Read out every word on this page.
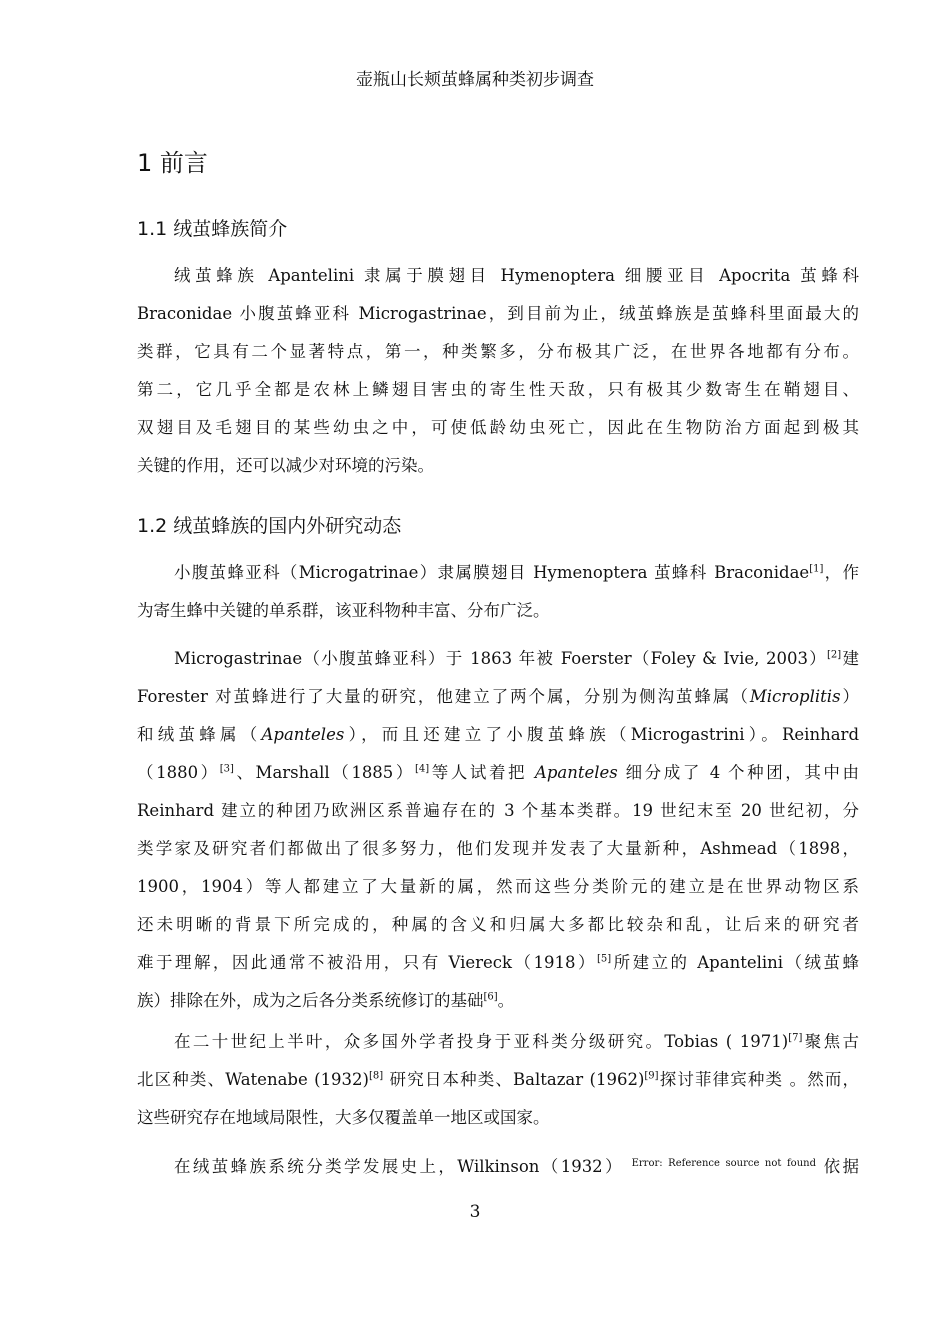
壶瓶山长颊茧蜂属种类初步调查
1 前言
1.1 绒茧蜂族简介
绒茧蜂族 Apantelini 隶属于膜翅目 Hymenoptera 细腰亚目 Apocrita 茧蜂科
Braconidae 小腹茧蜂亚科 Microgastrinae，到目前为止，绒茧蜂族是茧蜂科里面最大的
类群，它具有二个显著特点，第一，种类繁多，分布极其广泛，在世界各地都有分布。
第二，它几乎全都是农林上鳞翅目害虫的寄生性天敌，只有极其少数寄生在鞘翅目、
双翅目及毛翅目的某些幼虫之中，可使低龄幼虫死亡，因此在生物防治方面起到极其
关键的作用，还可以减少对环境的污染。
1.2 绒茧蜂族的国内外研究动态
小腹茧蜂亚科（Microgatrinae）隶属膜翅目 Hymenoptera 茧蜂科 Braconidae[1]，作
为寄生蜂中关键的单系群，该亚科物种丰富、分布广泛。
Microgastrinae（小腹茧蜂亚科）于 1863 年被 Foerster（Foley & Ivie, 2003）[2]建
Forester 对茧蜂进行了大量的研究，他建立了两个属，分别为侧沟茧蜂属（Microplitis）
和绒茧蜂属（Apanteles），而且还建立了小腹茧蜂族（Microgastrini）。Reinhard
（1880）[3]、Marshall（1885）[4]等人试着把 Apanteles 细分成了 4 个种团，其中由
Reinhard 建立的种团乃欧洲区系普遍存在的 3 个基本类群。19 世纪末至 20 世纪初，分
类学家及研究者们都做出了很多努力，他们发现并发表了大量新种，Ashmead（1898，
1900，1904）等人都建立了大量新的属，然而这些分类阶元的建立是在世界动物区系
还未明晰的背景下所完成的，种属的含义和归属大多都比较杂和乱，让后来的研究者
难于理解，因此通常不被沿用，只有 Viereck（1918）[5]所建立的 Apantelini（绒茧蜂
族）排除在外，成为之后各分类系统修订的基础[6]。
在二十世纪上半叶，众多国外学者投身于亚科类分级研究。Tobias ( 1971)[7]聚焦古
北区种类、Watenabe (1932)[8] 研究日本种类、Baltazar (1962)[9]探讨菲律宾种类 。然而，
这些研究存在地域局限性，大多仅覆盖单一地区或国家。
在绒茧蜂族系统分类学发展史上，Wilkinson（1932） $^{Error: Reference source not found}$ 依据
3
